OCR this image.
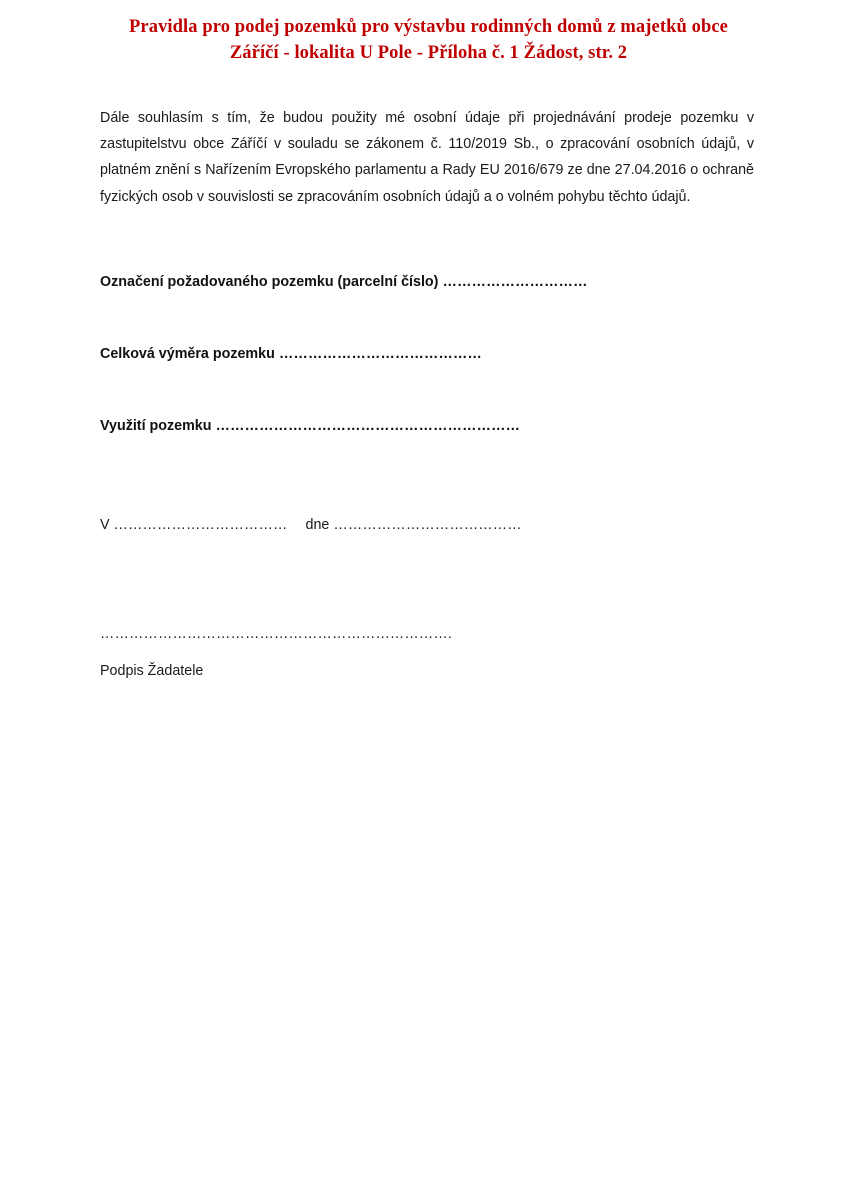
Pravidla pro podej pozemků pro výstavbu rodinných domů z majetků obce
Záříčí - lokalita U Pole - Příloha č. 1 Žádost, str. 2

Dále souhlasím s tím, že budou použity mé osobní údaje při projednávání prodeje pozemku v zastupitelstvu obce Záříčí v souladu se zákonem č. 110/2019 Sb., o zpracování osobních údajů, v platném znění s Nařízením Evropského parlamentu a Rady EU 2016/679 ze dne 27.04.2016 o ochraně fyzických osob v souvislosti se zpracováním osobních údajů a o volném pohybu těchto údajů.

Označení požadovaného pozemku (parcelní číslo) …………………………
Celková výměra pozemku ……………………………………
Využití pozemku ………………………………………………………
V ……………………………… dne …………………………………
……………………………………………………………….
Podpis Žadatele
